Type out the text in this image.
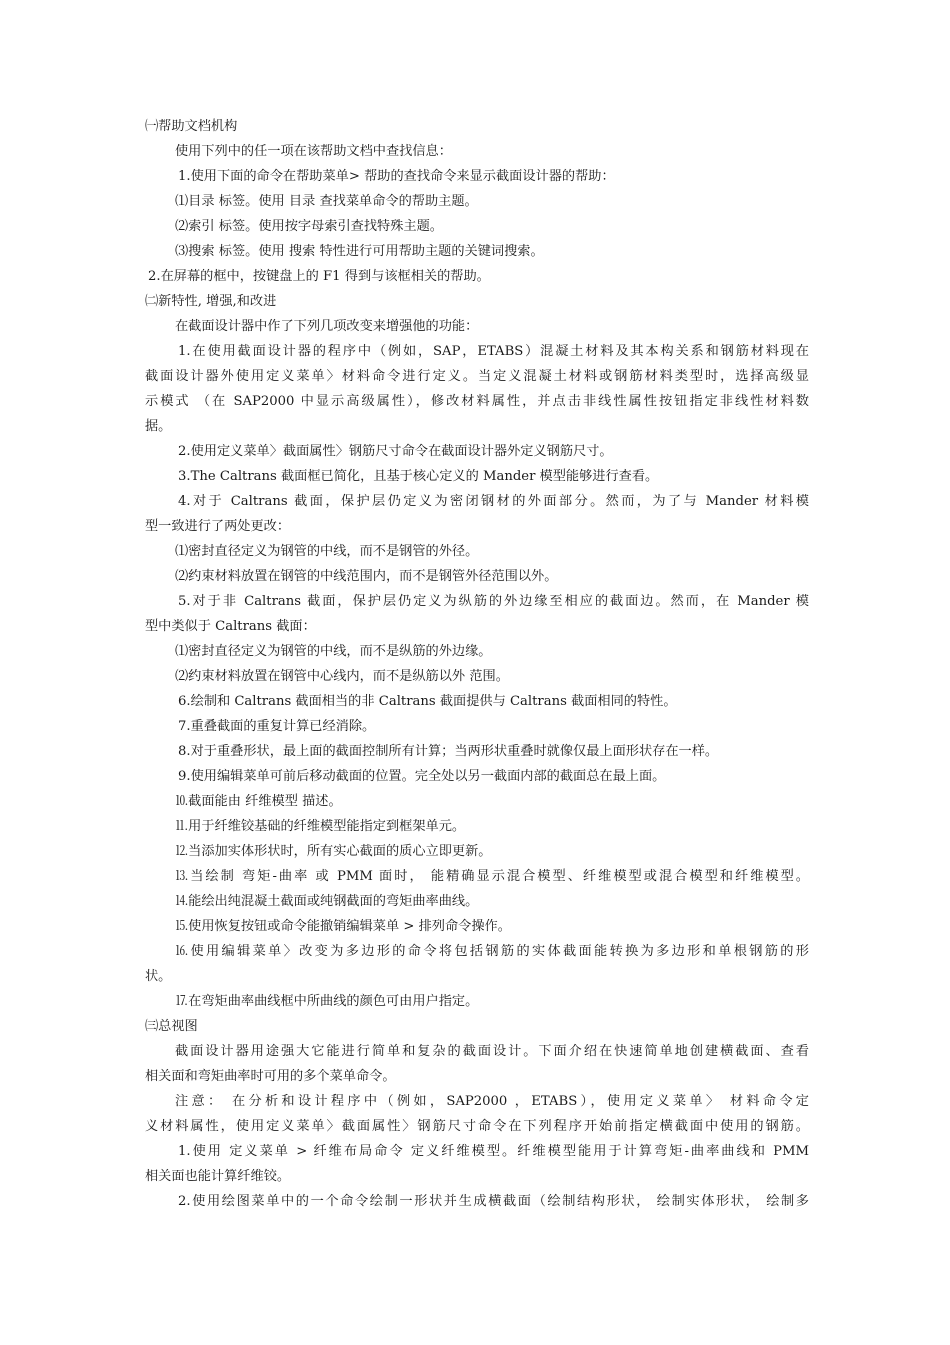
㈠帮助文档机构
使用下列中的任一项在该帮助文档中查找信息：
1.使用下面的命令在帮助菜单> 帮助的查找命令来显示截面设计器的帮助：
⑴目录 标签。使用 目录 查找菜单命令的帮助主题。
⑵索引 标签。使用按字母索引查找特殊主题。
⑶搜索 标签。使用 搜索 特性进行可用帮助主题的关键词搜索。
2.在屏幕的框中，按键盘上的 F1 得到与该框相关的帮助。
㈡新特性, 增强,和改进
在截面设计器中作了下列几项改变来增强他的功能：
1.在使用截面设计器的程序中（例如，SAP，ETABS）混凝土材料及其本构关系和钢筋材料现在
截面设计器外使用定义菜单〉材料命令进行定义。当定义混凝土材料或钢筋材料类型时，选择高级显
示模式 （在 SAP2000 中显示高级属性），修改材料属性，并点击非线性属性按钮指定非线性材料数
据。
2.使用定义菜单〉截面属性〉钢筋尺寸命令在截面设计器外定义钢筋尺寸。
3.The Caltrans 截面框已简化，且基于核心定义的 Mander 模型能够进行查看。
4.对于 Caltrans 截面，保护层仍定义为密闭钢材的外面部分。然而，为了与 Mander 材料模
型一致进行了两处更改：
⑴密封直径定义为钢管的中线，而不是钢管的外径。
⑵约束材料放置在钢管的中线范围内，而不是钢管外径范围以外。
5.对于非 Caltrans 截面，保护层仍定义为纵筋的外边缘至相应的截面边。然而，在 Mander 模
型中类似于 Caltrans 截面：
⑴密封直径定义为钢管的中线，而不是纵筋的外边缘。
⑵约束材料放置在钢管中心线内，而不是纵筋以外 范围。
6.绘制和 Caltrans 截面相当的非 Caltrans 截面提供与 Caltrans 截面相同的特性。
7.重叠截面的重复计算已经消除。
8.对于重叠形状，最上面的截面控制所有计算；当两形状重叠时就像仅最上面形状存在一样。
9.使用编辑菜单可前后移动截面的位置。完全处以另一截面内部的截面总在最上面。
⒑截面能由 纤维模型 描述。
⒒用于纤维铰基础的纤维模型能指定到框架单元。
⒓当添加实体形状时，所有实心截面的质心立即更新。
⒔当绘制 弯矩-曲率 或 PMM 面时， 能精确显示混合模型、纤维模型或混合模型和纤维模型。
⒕能绘出纯混凝土截面或纯钢截面的弯矩曲率曲线。
⒖使用恢复按钮或命令能撤销编辑菜单 > 排列命令操作。
⒗使用编辑菜单〉改变为多边形的命令将包括钢筋的实体截面能转换为多边形和单根钢筋的形
状。
⒘在弯矩曲率曲线框中所曲线的颜色可由用户指定。
㈢总视图
截面设计器用途强大它能进行简单和复杂的截面设计。下面介绍在快速简单地创建横截面、查看
相关面和弯矩曲率时可用的多个菜单命令。
注意： 在分析和设计程序中（例如，SAP2000 ，ETABS），使用定义菜单〉 材料命令定
义材料属性，使用定义菜单〉截面属性〉钢筋尺寸命令在下列程序开始前指定横截面中使用的钢筋。
1.使用 定义菜单 > 纤维布局命令 定义纤维模型。纤维模型能用于计算弯矩-曲率曲线和 PMM
相关面也能计算纤维铰。
2.使用绘图菜单中的一个命令绘制一形状并生成横截面（绘制结构形状， 绘制实体形状， 绘制多
